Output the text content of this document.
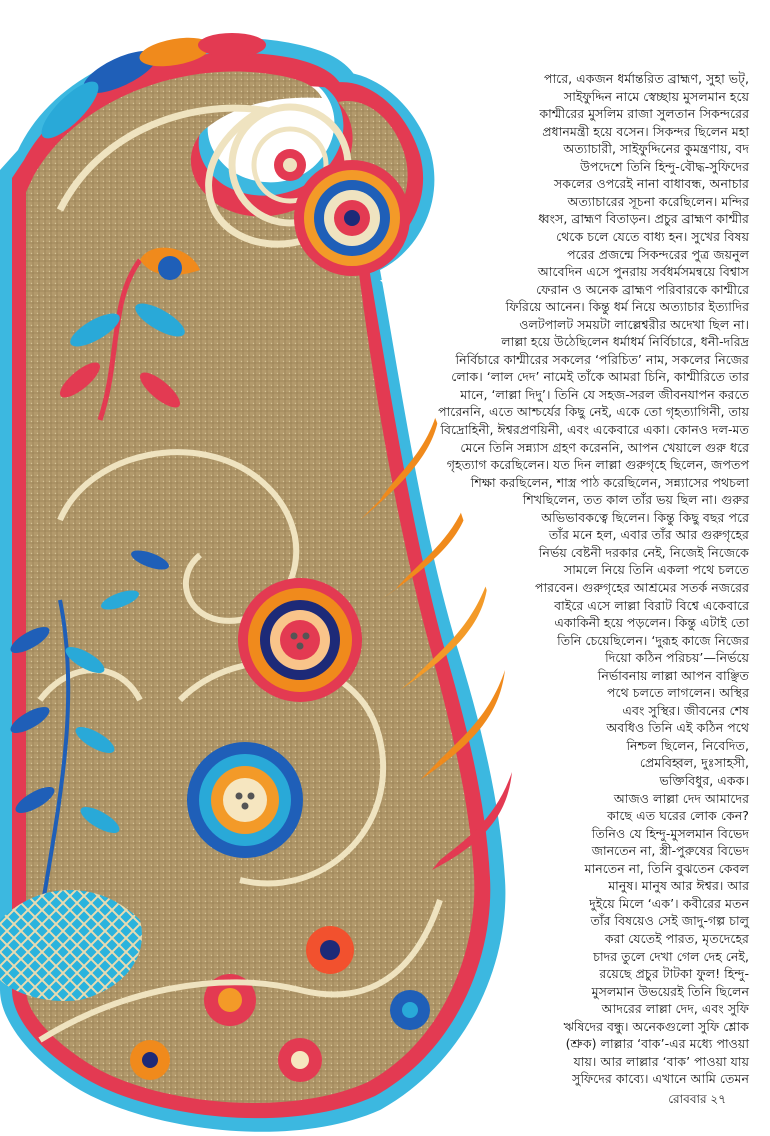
পারে, একজন ধর্মান্তরিত ব্রাহ্মণ, সুহা ভট্‌,
সাইফুদ্দিন নামে স্বেচ্ছায় মুসলমান হয়ে
কাশ্মীরের মুসলিম রাজা সুলতান সিকন্দরের
প্রধানমন্ত্রী হয়ে বসেন। সিকন্দর ছিলেন মহা
অত্যাচারী, সাইফুদ্দিনের কুমন্ত্রণায়, বদ
উপদেশে তিনি হিন্দু-বৌদ্ধ-সুফিদের
সকলের ওপরেই নানা বাধাবন্ধ, অনাচার
অত্যাচারের সূচনা করেছিলেন। মন্দির
ধ্বংস, ব্রাহ্মণ বিতাড়ন। প্রচুর ব্রাহ্মণ কাশ্মীর
থেকে চলে যেতে বাধ্য হন। সুখের বিষয়
পরের প্রজন্মে সিকন্দরের পুত্র জয়নুল
আবেদিন এসে পুনরায় সর্বধর্মসমন্বয়ে বিশ্বাস
ফেরান ও অনেক ব্রাহ্মণ পরিবারকে কাশ্মীরে
ফিরিয়ে আনেন। কিন্তু ধর্ম নিয়ে অত্যাচার ইত্যাদির
ওলটপালট সময়টা লাল্লেশ্বরীর অদেখা ছিল না।
লাল্লা হয়ে উঠেছিলেন ধর্মাধর্ম নির্বিচারে, ধনী-দরিদ্র
নির্বিচারে কাশ্মীরের সকলের ‘পরিচিত’ নাম, সকলের নিজের
লোক। ‘লাল দেদ’ নামেই তাঁকে আমরা চিনি, কাশ্মীরিতে তার
মানে, ‘লাল্লা দিদু’। তিনি যে সহজ-সরল জীবনযাপন করতে
পারেননি, এতে আশ্চর্যের কিছু নেই, একে তো গৃহত্যাগিনী, তায়
বিদ্রোহিনী, ঈশ্বরপ্রণয়িনী, এবং একেবারে একা। কোনও দল-মত
মেনে তিনি সন্ন্যাস গ্রহণ করেননি, আপন খেয়ালে গুরু ধরে
গৃহত্যাগ করেছিলেন। যত দিন লাল্লা গুরুগৃহে ছিলেন, জপতপ
শিক্ষা করছিলেন, শাস্ত্র পাঠ করেছিলেন, সন্ন্যাসের পথচলা
শিখছিলেন, তত কাল তাঁর ভয় ছিল না। গুরুর
অভিভাবকত্বে ছিলেন। কিন্তু কিছু বছর পরে
তাঁর মনে হল, এবার তাঁর আর গুরুগৃহের
নির্ভয় বেষ্টনী দরকার নেই, নিজেই নিজেকে
সামলে নিয়ে তিনি একলা পথে চলতে
পারবেন। গুরুগৃহের আশ্রমের সতর্ক নজরের
বাইরে এসে লাল্লা বিরাট বিশ্বে একেবারে
একাকিনী হয়ে পড়লেন। কিন্তু এটাই তো
তিনি চেয়েছিলেন। ‘দুরূহ কাজে নিজের
দিয়ো কঠিন পরিচয়’—নির্ভয়ে
নির্ভাবনায় লাল্লা আপন বাঞ্ছিত
পথে চলতে লাগলেন। অস্থির
এবং সুস্থির। জীবনের শেষ
অবধিও তিনি এই কঠিন পথে
নিশ্চল ছিলেন, নিবেদিত,
প্রেমবিহ্বল, দুঃসাহসী,
ভক্তিবিধুর, একক।
আজও লাল্লা দেদ আমাদের
কাছে এত ঘরের লোক কেন?
তিনিও যে হিন্দু-মুসলমান বিভেদ
জানতেন না, স্ত্রী-পুরুষের বিভেদ
মানতেন না, তিনি বুঝতেন কেবল
মানুষ। মানুষ আর ঈশ্বর। আর
দুইয়ে মিলে ‘এক’। কবীরের মতন
তাঁর বিষয়েও সেই জাদু-গল্প চালু
করা যেতেই পারত, মৃতদেহের
চাদর তুলে দেখা গেল দেহ নেই,
রয়েছে প্রচুর টাটকা ফুল! হিন্দু-
মুসলমান উভয়েরই তিনি ছিলেন
আদরের লাল্লা দেদ, এবং সুফি
ঋষিদের বন্ধু। অনেকগুলো সুফি শ্লোক
(শ্রুক) লাল্লার ‘বাক’-এর মধ্যে পাওয়া
যায়। আর লাল্লার ‘বাক’ পাওয়া যায়
সুফিদের কাব্যে। এখানে আমি তেমন
রোববার ২৭
